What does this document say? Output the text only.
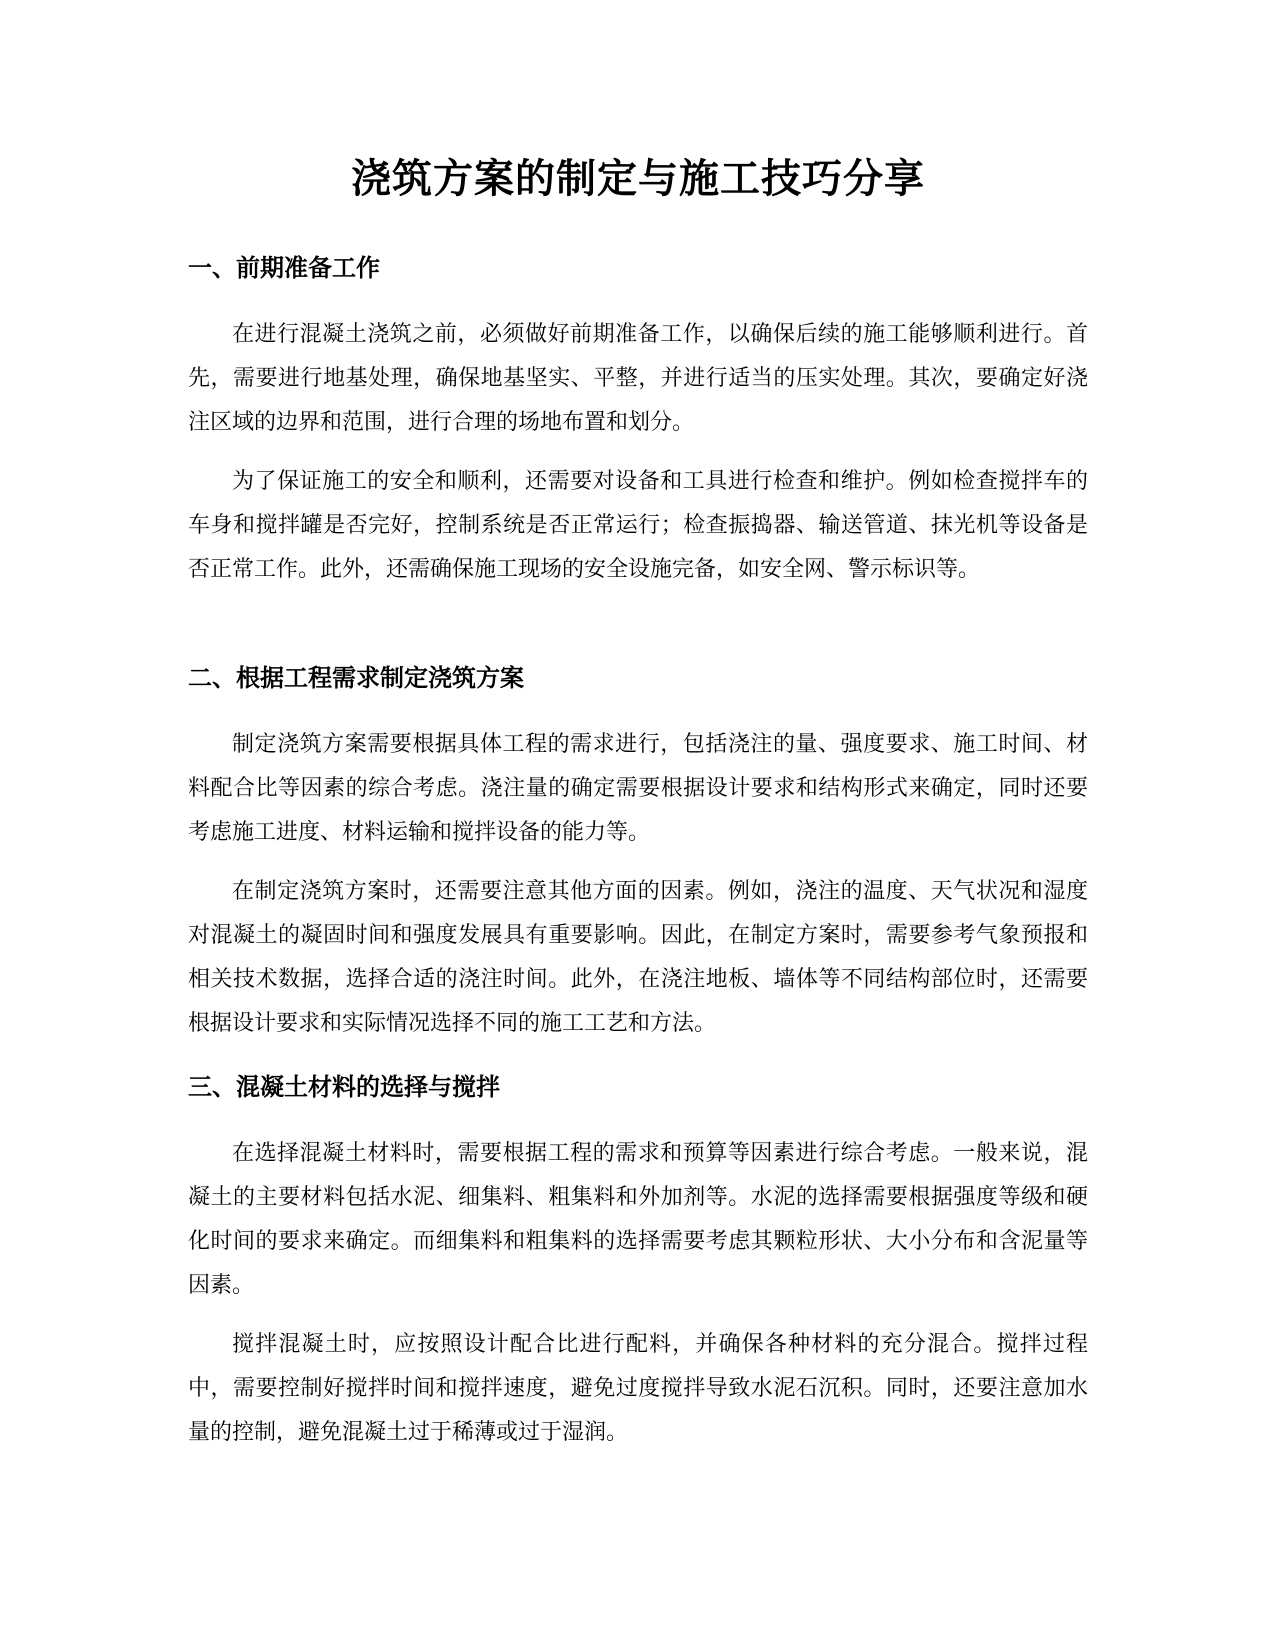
浇筑方案的制定与施工技巧分享
一、前期准备工作

在进行混凝土浇筑之前，必须做好前期准备工作，以确保后续的施工能够顺利进行。首先，需要进行地基处理，确保地基坚实、平整，并进行适当的压实处理。其次，要确定好浇注区域的边界和范围，进行合理的场地布置和划分。

为了保证施工的安全和顺利，还需要对设备和工具进行检查和维护。例如检查搅拌车的车身和搅拌罐是否完好，控制系统是否正常运行；检查振捣器、输送管道、抹光机等设备是否正常工作。此外，还需确保施工现场的安全设施完备，如安全网、警示标识等。

二、根据工程需求制定浇筑方案

制定浇筑方案需要根据具体工程的需求进行，包括浇注的量、强度要求、施工时间、材料配合比等因素的综合考虑。浇注量的确定需要根据设计要求和结构形式来确定，同时还要考虑施工进度、材料运输和搅拌设备的能力等。

在制定浇筑方案时，还需要注意其他方面的因素。例如，浇注的温度、天气状况和湿度对混凝土的凝固时间和强度发展具有重要影响。因此，在制定方案时，需要参考气象预报和相关技术数据，选择合适的浇注时间。此外，在浇注地板、墙体等不同结构部位时，还需要根据设计要求和实际情况选择不同的施工工艺和方法。

三、混凝土材料的选择与搅拌

在选择混凝土材料时，需要根据工程的需求和预算等因素进行综合考虑。一般来说，混凝土的主要材料包括水泥、细集料、粗集料和外加剂等。水泥的选择需要根据强度等级和硬化时间的要求来确定。而细集料和粗集料的选择需要考虑其颗粒形状、大小分布和含泥量等因素。

搅拌混凝土时，应按照设计配合比进行配料，并确保各种材料的充分混合。搅拌过程中，需要控制好搅拌时间和搅拌速度，避免过度搅拌导致水泥石沉积。同时，还要注意加水量的控制，避免混凝土过于稀薄或过于湿润。
